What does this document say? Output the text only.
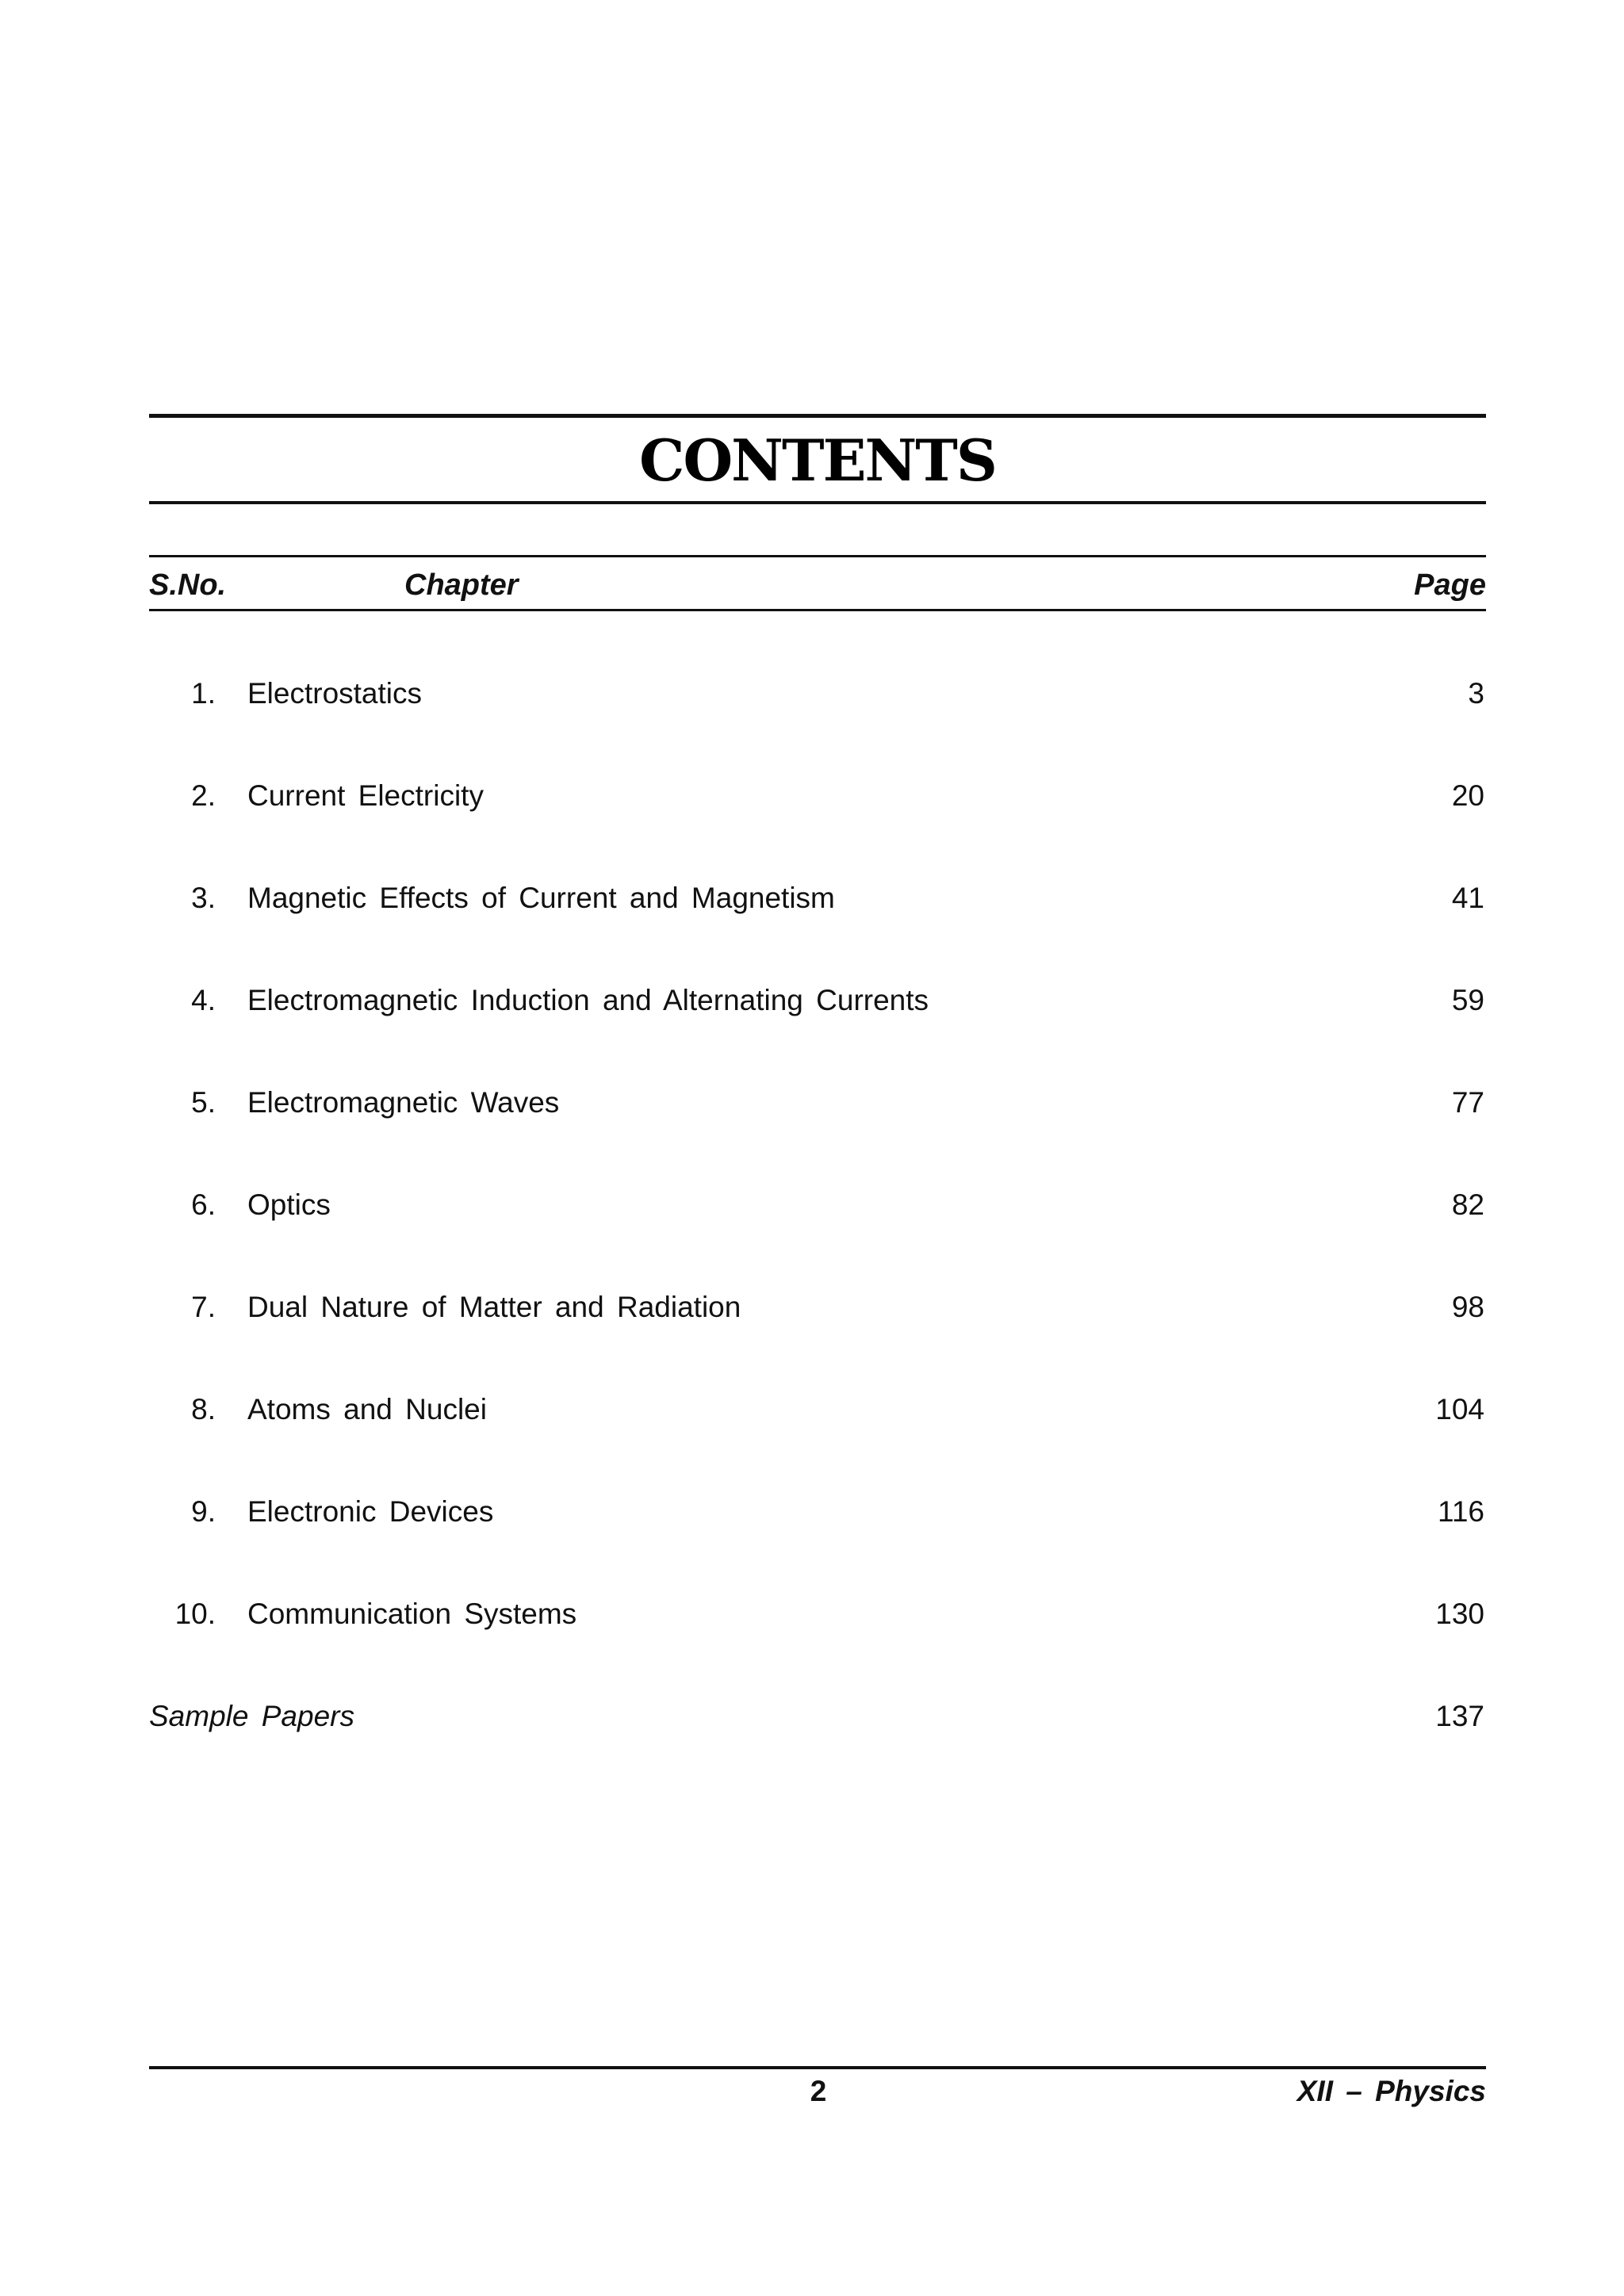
CONTENTS
S.No.	Chapter	Page
1. Electrostatics	3
2. Current Electricity	20
3. Magnetic Effects of Current and Magnetism	41
4. Electromagnetic Induction and Alternating Currents	59
5. Electromagnetic Waves	77
6. Optics	82
7. Dual Nature of Matter and Radiation	98
8. Atoms and Nuclei	104
9. Electronic Devices	116
10. Communication Systems	130
Sample Papers	137
2	XII – Physics
